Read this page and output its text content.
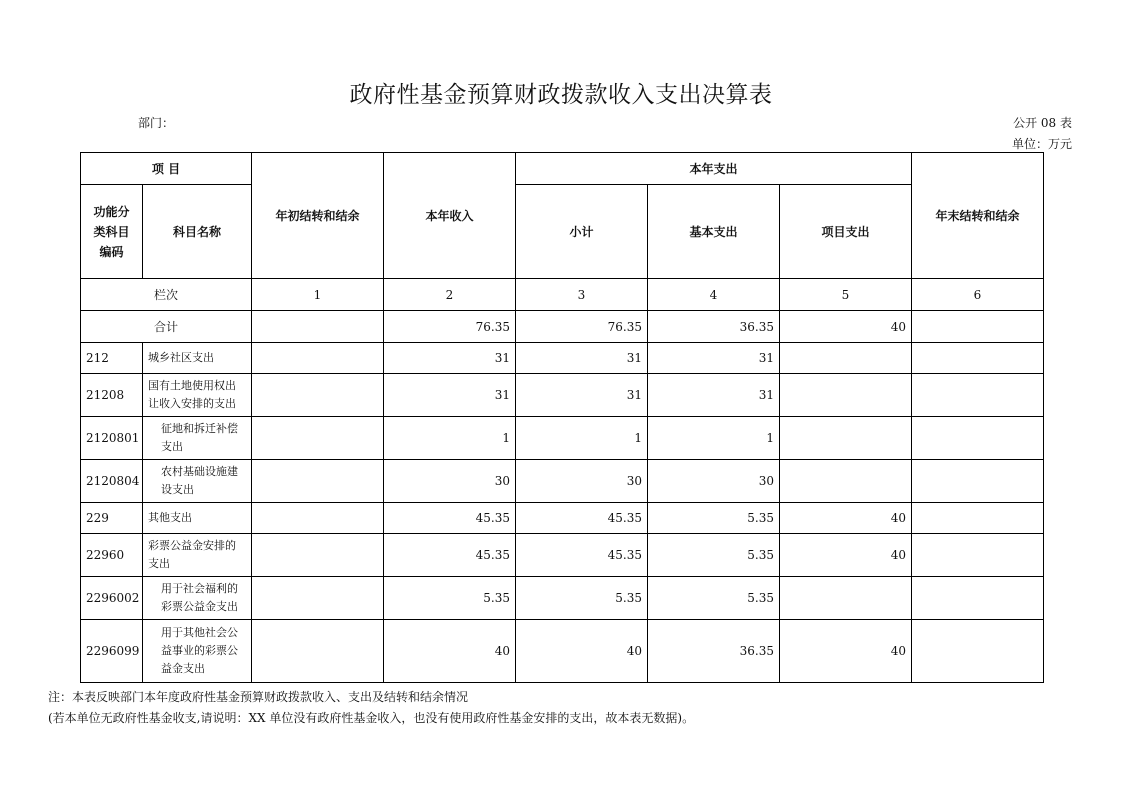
政府性基金预算财政拨款收入支出决算表
部门：	公开 08 表
单位：万元
项 目		年初结转和结余	本年收入	本年支出			年末结转和结余
功能分
类科目
编码	科目名称			小计	基本支出	项目支出	
栏次		1	2	3	4	5	6
合计			76.35	76.35	36.35	40	
212	城乡社区支出		31	31	31		
21208	国有土地使用权出让收入安排的支出		31	31	31		
2120801	征地和拆迁补偿支出		1	1	1		
2120804	农村基础设施建设支出		30	30	30		
229	其他支出		45.35	45.35	5.35	40	
22960	彩票公益金安排的支出		45.35	45.35	5.35	40	
2296002	用于社会福利的彩票公益金支出		5.35	5.35	5.35		
2296099	用于其他社会公益事业的彩票公益金支出		40	40	36.35	40	
注：本表反映部门本年度政府性基金预算财政拨款收入、支出及结转和结余情况
(若本单位无政府性基金收支,请说明：XX 单位没有政府性基金收入，也没有使用政府性基金安排的支出，故本表无数据)。
